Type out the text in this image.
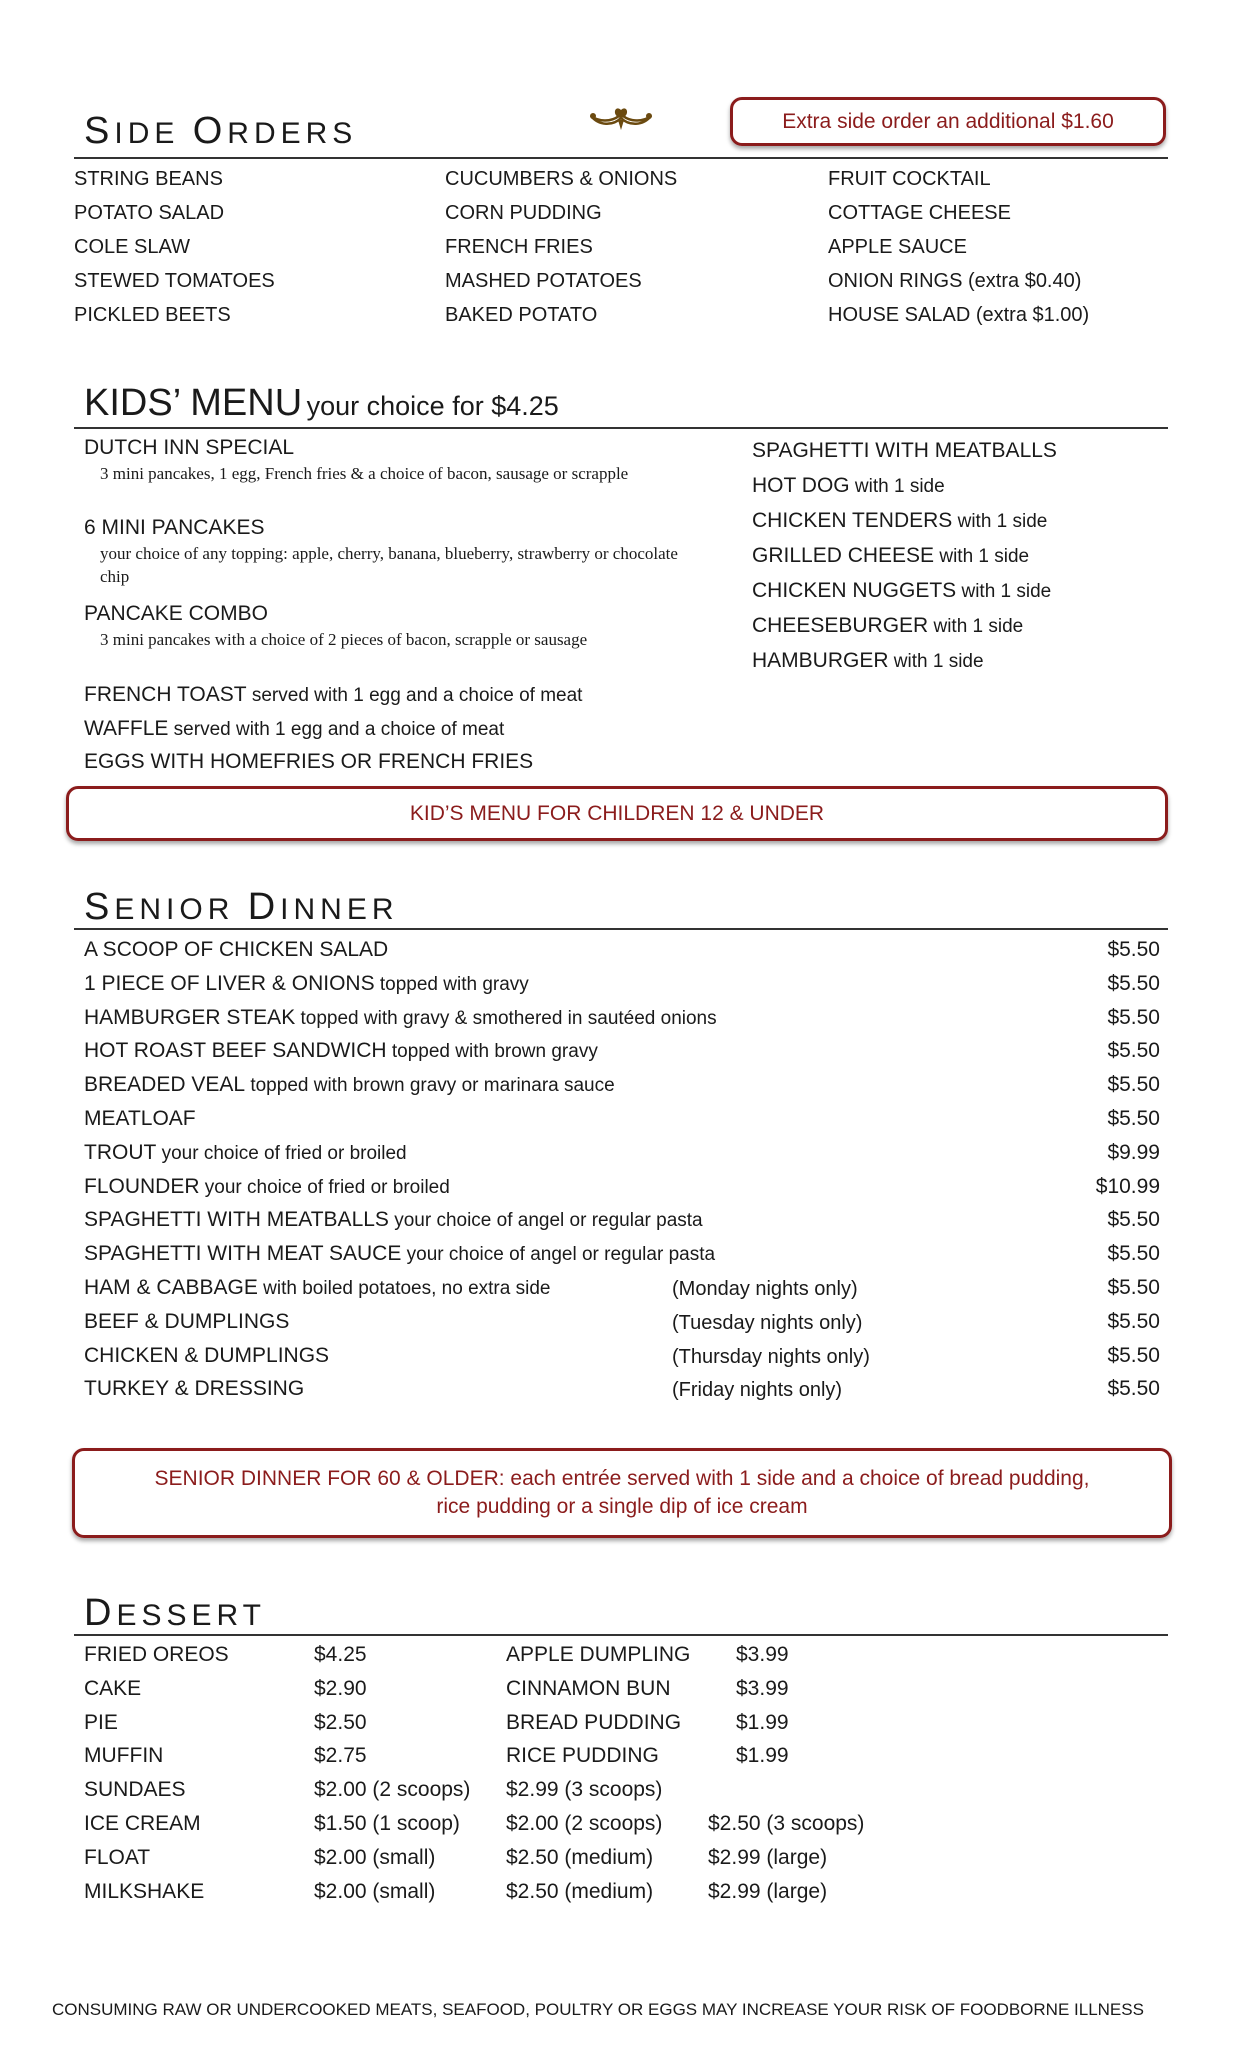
SIDE ORDERS	Extra side order an additional $1.60
STRING BEANS
POTATO SALAD
COLE SLAW
STEWED TOMATOES
PICKLED BEETS
CUCUMBERS & ONIONS
CORN PUDDING
FRENCH FRIES
MASHED POTATOES
BAKED POTATO
FRUIT COCKTAIL
COTTAGE CHEESE
APPLE SAUCE
ONION RINGS (extra $0.40)
HOUSE SALAD (extra $1.00)
KIDS’ MENU your choice for $4.25
DUTCH INN SPECIAL
3 mini pancakes, 1 egg, French fries & a choice of bacon, sausage or scrapple
6 MINI PANCAKES
your choice of any topping: apple, cherry, banana, blueberry, strawberry or chocolate chip
PANCAKE COMBO
3 mini pancakes with a choice of 2 pieces of bacon, scrapple or sausage
FRENCH TOAST served with 1 egg and a choice of meat
WAFFLE served with 1 egg and a choice of meat
EGGS WITH HOMEFRIES OR FRENCH FRIES
SPAGHETTI WITH MEATBALLS
HOT DOG with 1 side
CHICKEN TENDERS with 1 side
GRILLED CHEESE with 1 side
CHICKEN NUGGETS with 1 side
CHEESEBURGER with 1 side
HAMBURGER with 1 side
KID’S MENU FOR CHILDREN 12 & UNDER
SENIOR DINNER
A SCOOP OF CHICKEN SALAD	$5.50
1 PIECE OF LIVER & ONIONS topped with gravy	$5.50
HAMBURGER STEAK topped with gravy & smothered in sautéed onions	$5.50
HOT ROAST BEEF SANDWICH topped with brown gravy	$5.50
BREADED VEAL topped with brown gravy or marinara sauce	$5.50
MEATLOAF	$5.50
TROUT your choice of fried or broiled	$9.99
FLOUNDER your choice of fried or broiled	$10.99
SPAGHETTI WITH MEATBALLS your choice of angel or regular pasta	$5.50
SPAGHETTI WITH MEAT SAUCE your choice of angel or regular pasta	$5.50
HAM & CABBAGE with boiled potatoes, no extra side	(Monday nights only)	$5.50
BEEF & DUMPLINGS	(Tuesday nights only)	$5.50
CHICKEN & DUMPLINGS	(Thursday nights only)	$5.50
TURKEY & DRESSING	(Friday nights only)	$5.50
SENIOR DINNER FOR 60 & OLDER: each entrée served with 1 side and a choice of bread pudding,
rice pudding or a single dip of ice cream
DESSERT
FRIED OREOS	$4.25	APPLE DUMPLING $3.99
CAKE	$2.90	CINNAMON BUN	$3.99
PIE	$2.50	BREAD PUDDING	$1.99
MUFFIN	$2.75	RICE PUDDING	$1.99
SUNDAES	$2.00 (2 scoops) $2.99 (3 scoops)
ICE CREAM	$1.50 (1 scoop) $2.00 (2 scoops) $2.50 (3 scoops)
FLOAT	$2.00 (small)	$2.50 (medium)	$2.99 (large)
MILKSHAKE	$2.00 (small)	$2.50 (medium)	$2.99 (large)
CONSUMING RAW OR UNDERCOOKED MEATS, SEAFOOD, POULTRY OR EGGS MAY INCREASE YOUR RISK OF FOODBORNE ILLNESS
